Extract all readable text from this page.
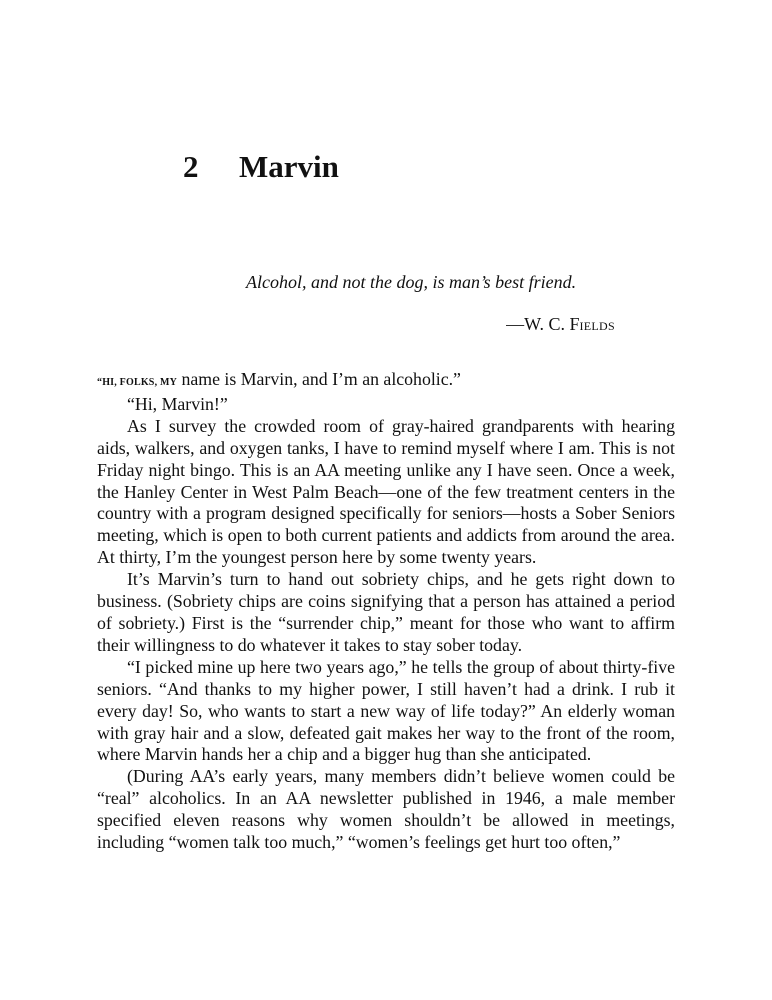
2 Marvin
Alcohol, and not the dog, is man’s best friend.
—W. C. FIELDS

“HI, FOLKS, MY name is Marvin, and I’m an alcoholic.”

“Hi, Marvin!”

As I survey the crowded room of gray-haired grandparents with hearing aids, walkers, and oxygen tanks, I have to remind myself where I am. This is not Friday night bingo. This is an AA meeting unlike any I have seen. Once a week, the Hanley Center in West Palm Beach—one of the few treatment centers in the country with a program designed specifically for seniors—hosts a Sober Seniors meeting, which is open to both current patients and addicts from around the area. At thirty, I’m the youngest person here by some twenty years.

It’s Marvin’s turn to hand out sobriety chips, and he gets right down to business. (Sobriety chips are coins signifying that a person has attained a period of sobriety.) First is the “surrender chip,” meant for those who want to affirm their willingness to do whatever it takes to stay sober today.

“I picked mine up here two years ago,” he tells the group of about thirty-five seniors. “And thanks to my higher power, I still haven’t had a drink. I rub it every day! So, who wants to start a new way of life today?” An elderly woman with gray hair and a slow, defeated gait makes her way to the front of the room, where Marvin hands her a chip and a bigger hug than she anticipated.

(During AA’s early years, many members didn’t believe women could be “real” alcoholics. In an AA newsletter published in 1946, a male member specified eleven reasons why women shouldn’t be allowed in meetings, including “women talk too much,” “women’s feelings get hurt too often,”
